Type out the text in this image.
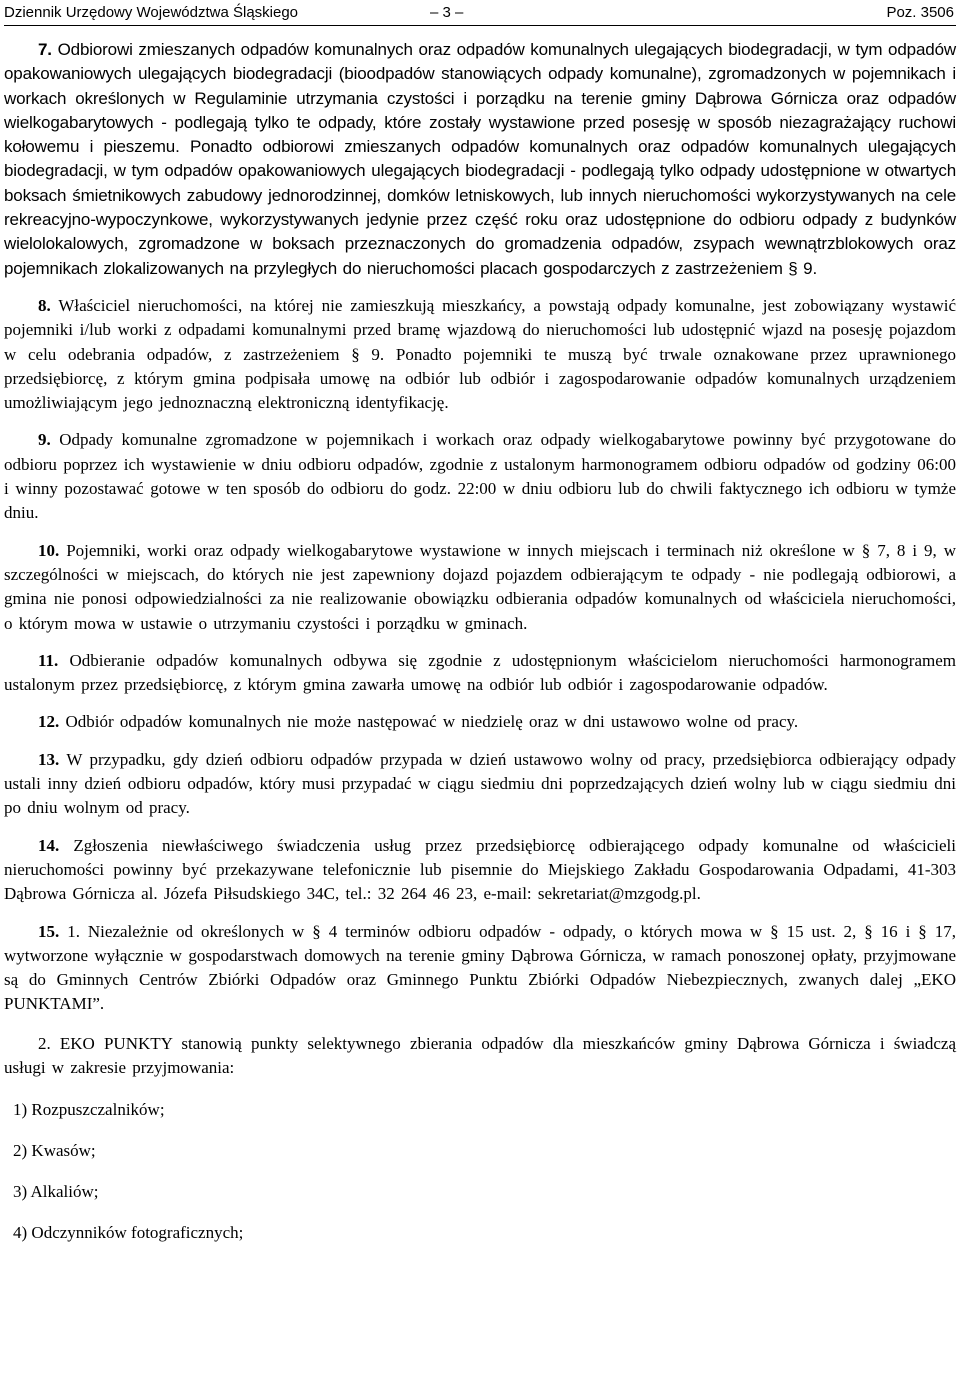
Dziennik Urzędowy Województwa Śląskiego	– 3 –	Poz. 3506

7. Odbiorowi zmieszanych odpadów komunalnych oraz odpadów komunalnych ulegających biodegradacji, w tym odpadów opakowaniowych ulegających biodegradacji (bioodpadów stanowiących odpady komunalne), zgromadzonych w pojemnikach i workach określonych w Regulaminie utrzymania czystości i porządku na terenie gminy Dąbrowa Górnicza oraz odpadów wielkogabarytowych - podlegają tylko te odpady, które zostały wystawione przed posesję w sposób niezagrażający ruchowi kołowemu i pieszemu. Ponadto odbiorowi zmieszanych odpadów komunalnych oraz odpadów komunalnych ulegających biodegradacji, w tym odpadów opakowaniowych ulegających biodegradacji - podlegają tylko odpady udostępnione w otwartych boksach śmietnikowych zabudowy jednorodzinnej, domków letniskowych, lub innych nieruchomości wykorzystywanych na cele rekreacyjno-wypoczynkowe, wykorzystywanych jedynie przez część roku oraz udostępnione do odbioru odpady z budynków wielolokalowych, zgromadzone w boksach przeznaczonych do gromadzenia odpadów, zsypach wewnątrzblokowych oraz pojemnikach zlokalizowanych na przyległych do nieruchomości placach gospodarczych z zastrzeżeniem § 9.

8. Właściciel nieruchomości, na której nie zamieszkują mieszkańcy, a powstają odpady komunalne, jest zobowiązany wystawić pojemniki i/lub worki z odpadami komunalnymi przed bramę wjazdową do nieruchomości lub udostępnić wjazd na posesję pojazdom w celu odebrania odpadów, z zastrzeżeniem § 9. Ponadto pojemniki te muszą być trwale oznakowane przez uprawnionego przedsiębiorcę, z którym gmina podpisała umowę na odbiór lub odbiór i zagospodarowanie odpadów komunalnych urządzeniem umożliwiającym jego jednoznaczną elektroniczną identyfikację.

9. Odpady komunalne zgromadzone w pojemnikach i workach oraz odpady wielkogabarytowe powinny być przygotowane do odbioru poprzez ich wystawienie w dniu odbioru odpadów, zgodnie z ustalonym harmonogramem odbioru odpadów od godziny 06:00 i winny pozostawać gotowe w ten sposób do odbioru do godz. 22:00 w dniu odbioru lub do chwili faktycznego ich odbioru w tymże dniu.

10. Pojemniki, worki oraz odpady wielkogabarytowe wystawione w innych miejscach i terminach niż określone w § 7, 8 i 9, w szczególności w miejscach, do których nie jest zapewniony dojazd pojazdem odbierającym te odpady - nie podlegają odbiorowi, a gmina nie ponosi odpowiedzialności za nie realizowanie obowiązku odbierania odpadów komunalnych od właściciela nieruchomości, o którym mowa w ustawie o utrzymaniu czystości i porządku w gminach.

11. Odbieranie odpadów komunalnych odbywa się zgodnie z udostępnionym właścicielom nieruchomości harmonogramem ustalonym przez przedsiębiorcę, z którym gmina zawarła umowę na odbiór lub odbiór i zagospodarowanie odpadów.

12. Odbiór odpadów komunalnych nie może następować w niedzielę oraz w dni ustawowo wolne od pracy.

13. W przypadku, gdy dzień odbioru odpadów przypada w dzień ustawowo wolny od pracy, przedsiębiorca odbierający odpady ustali inny dzień odbioru odpadów, który musi przypadać w ciągu siedmiu dni poprzedzających dzień wolny lub w ciągu siedmiu dni po dniu wolnym od pracy.

14. Zgłoszenia niewłaściwego świadczenia usług przez przedsiębiorcę odbierającego odpady komunalne od właścicieli nieruchomości powinny być przekazywane telefonicznie lub pisemnie do Miejskiego Zakładu Gospodarowania Odpadami, 41-303 Dąbrowa Górnicza al. Józefa Piłsudskiego 34C, tel.: 32 264 46 23, e-mail: sekretariat@mzgodg.pl.

15. 1. Niezależnie od określonych w § 4 terminów odbioru odpadów - odpady, o których mowa w § 15 ust. 2, § 16 i § 17, wytworzone wyłącznie w gospodarstwach domowych na terenie gminy Dąbrowa Górnicza, w ramach ponoszonej opłaty, przyjmowane są do Gminnych Centrów Zbiórki Odpadów oraz Gminnego Punktu Zbiórki Odpadów Niebezpiecznych, zwanych dalej „EKO PUNKTAMI”.

2. EKO PUNKTY stanowią punkty selektywnego zbierania odpadów dla mieszkańców gminy Dąbrowa Górnicza i świadczą usługi w zakresie przyjmowania:

1) Rozpuszczalników;

2) Kwasów;

3) Alkaliów;

4) Odczynników fotograficznych;
